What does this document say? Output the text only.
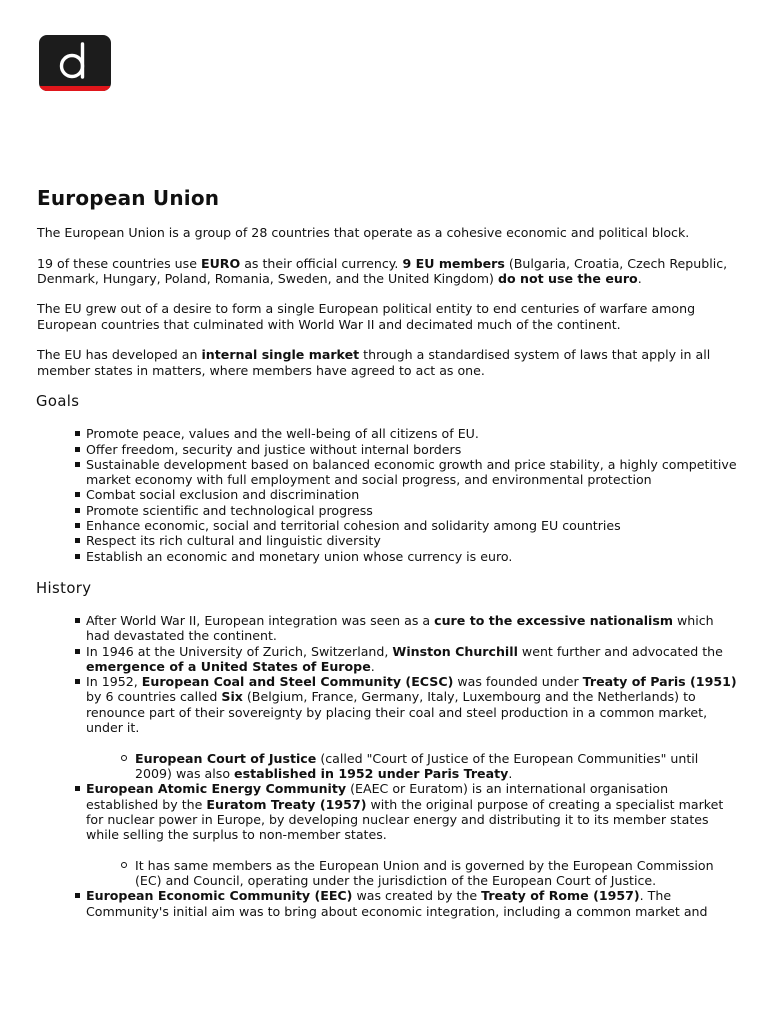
European Union

The European Union is a group of 28 countries that operate as a cohesive economic and political block.

19 of these countries use EURO as their official currency. 9 EU members (Bulgaria, Croatia, Czech Republic, Denmark, Hungary, Poland, Romania, Sweden, and the United Kingdom) do not use the euro.

The EU grew out of a desire to form a single European political entity to end centuries of warfare among European countries that culminated with World War II and decimated much of the continent.

The EU has developed an internal single market through a standardised system of laws that apply in all member states in matters, where members have agreed to act as one.

Goals
Promote peace, values and the well-being of all citizens of EU.
Offer freedom, security and justice without internal borders
Sustainable development based on balanced economic growth and price stability, a highly competitive market economy with full employment and social progress, and environmental protection
Combat social exclusion and discrimination
Promote scientific and technological progress
Enhance economic, social and territorial cohesion and solidarity among EU countries
Respect its rich cultural and linguistic diversity
Establish an economic and monetary union whose currency is euro.
History
After World War II, European integration was seen as a cure to the excessive nationalism which had devastated the continent.
In 1946 at the University of Zurich, Switzerland, Winston Churchill went further and advocated the emergence of a United States of Europe.
In 1952, European Coal and Steel Community (ECSC) was founded under Treaty of Paris (1951) by 6 countries called Six (Belgium, France, Germany, Italy, Luxembourg and the Netherlands) to renounce part of their sovereignty by placing their coal and steel production in a common market, under it.
European Court of Justice (called "Court of Justice of the European Communities" until 2009) was also established in 1952 under Paris Treaty.
European Atomic Energy Community (EAEC or Euratom) is an international organisation established by the Euratom Treaty (1957) with the original purpose of creating a specialist market for nuclear power in Europe, by developing nuclear energy and distributing it to its member states while selling the surplus to non-member states.
It has same members as the European Union and is governed by the European Commission (EC) and Council, operating under the jurisdiction of the European Court of Justice.
European Economic Community (EEC) was created by the Treaty of Rome (1957). The Community's initial aim was to bring about economic integration, including a common market and
